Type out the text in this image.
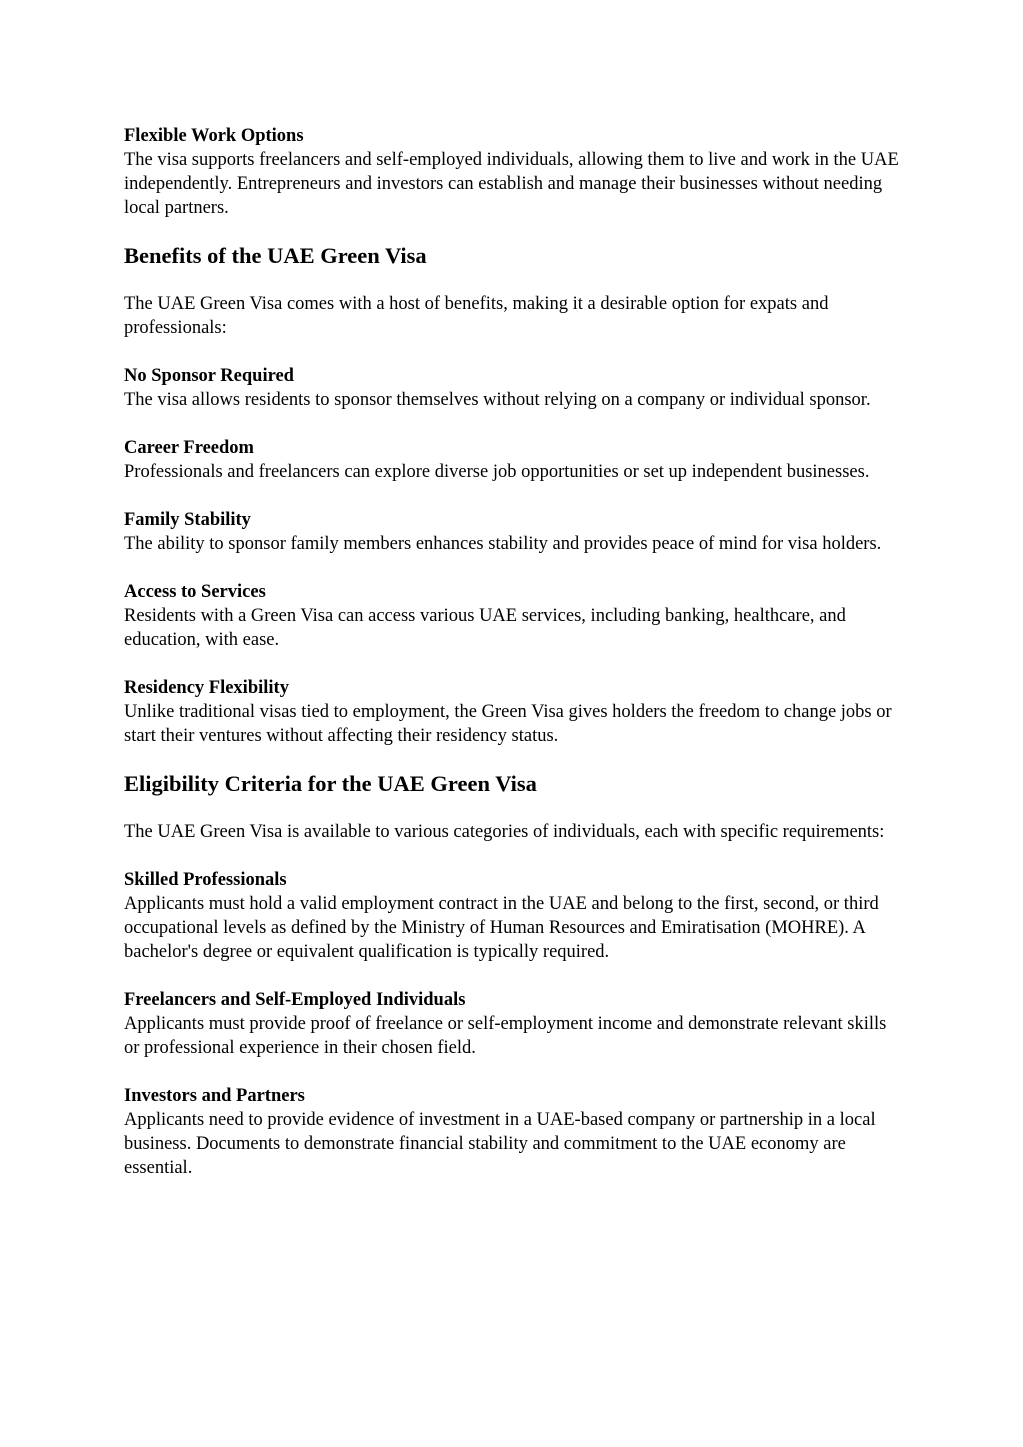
Flexible Work Options

The visa supports freelancers and self-employed individuals, allowing them to live and work in the UAE independently. Entrepreneurs and investors can establish and manage their businesses without needing local partners.

Benefits of the UAE Green Visa

The UAE Green Visa comes with a host of benefits, making it a desirable option for expats and professionals:

No Sponsor Required

The visa allows residents to sponsor themselves without relying on a company or individual sponsor.

Career Freedom

Professionals and freelancers can explore diverse job opportunities or set up independent businesses.

Family Stability

The ability to sponsor family members enhances stability and provides peace of mind for visa holders.

Access to Services

Residents with a Green Visa can access various UAE services, including banking, healthcare, and education, with ease.

Residency Flexibility

Unlike traditional visas tied to employment, the Green Visa gives holders the freedom to change jobs or start their ventures without affecting their residency status.

Eligibility Criteria for the UAE Green Visa

The UAE Green Visa is available to various categories of individuals, each with specific requirements:

Skilled Professionals

Applicants must hold a valid employment contract in the UAE and belong to the first, second, or third occupational levels as defined by the Ministry of Human Resources and Emiratisation (MOHRE). A bachelor's degree or equivalent qualification is typically required.

Freelancers and Self-Employed Individuals

Applicants must provide proof of freelance or self-employment income and demonstrate relevant skills or professional experience in their chosen field.

Investors and Partners

Applicants need to provide evidence of investment in a UAE-based company or partnership in a local business. Documents to demonstrate financial stability and commitment to the UAE economy are essential.
